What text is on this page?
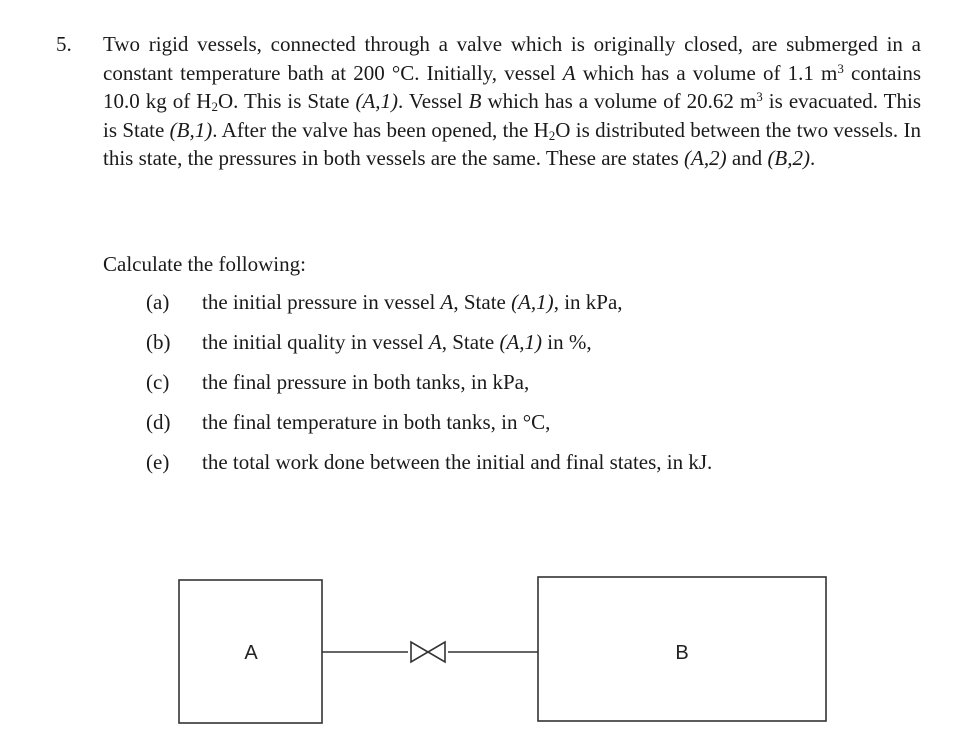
5. Two rigid vessels, connected through a valve which is originally closed, are submerged in a constant temperature bath at 200 °C. Initially, vessel A which has a volume of 1.1 $m^3$ contains 10.0 kg of $H_2O$. This is State (A,1). Vessel B which has a volume of 20.62 $m^3$ is evacuated. This is State (B,1). After the valve has been opened, the $H_2O$ is distributed between the two vessels. In this state, the pressures in both vessels are the same. These are states (A,2) and (B,2).

Calculate the following:

(a) the initial pressure in vessel A, State (A,1), in kPa,
(b) the initial quality in vessel A, State (A,1) in %,
(c) the final pressure in both tanks, in kPa,
(d) the final temperature in both tanks, in °C,
(e) the total work done between the initial and final states, in kJ.
A	B
